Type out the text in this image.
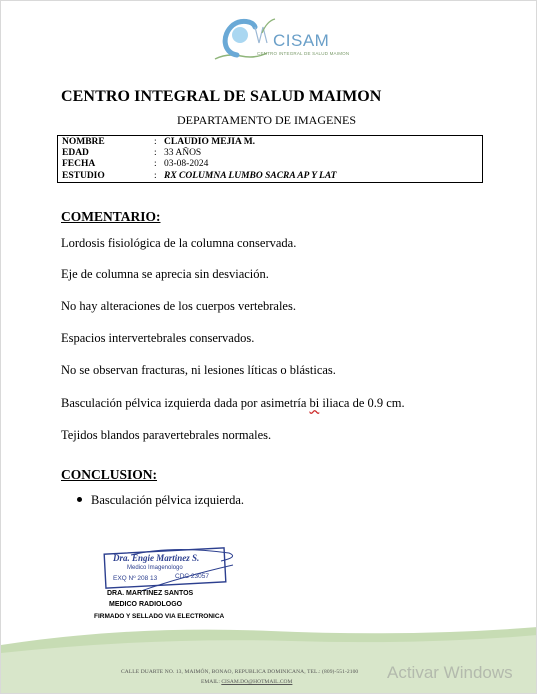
CISAM
CENTRO INTEGRAL DE SALUD MAIMON
CENTRO INTEGRAL DE SALUD MAIMON
DEPARTAMENTO DE IMAGENES
NOMBRE	: CLAUDIO MEJIA M.
EDAD	: 33 AÑOS
FECHA	: 03-08-2024
ESTUDIO	: RX COLUMNA LUMBO SACRA AP Y LAT
COMENTARIO:
Lordosis fisiológica de la columna conservada.
Eje de columna se aprecia sin desviación.
No hay alteraciones de los cuerpos vertebrales.
Espacios intervertebrales conservados.
No se observan fracturas, ni lesiones líticas o blásticas.
Basculación pélvica izquierda dada por asimetría bi iliaca de 0.9 cm.
Tejidos blandos paravertebrales normales.
CONCLUSION:
Basculación pélvica izquierda.
Dra. Engie Martinez S.
Medico Imagenologo
EXQ Nº 208 13	CDC 23057
DRA. MARTINEZ SANTOS
MEDICO RADIOLOGO
FIRMADO Y SELLADO VIA ELECTRONICA
CALLE DUARTE NO. 13, MAIMÓN, BONAO, REPUBLICA DOMINICANA, TEL.: (809)-551-2100
EMAIL: CISAM.DO@HOTMAIL.COM	Activar Windows
